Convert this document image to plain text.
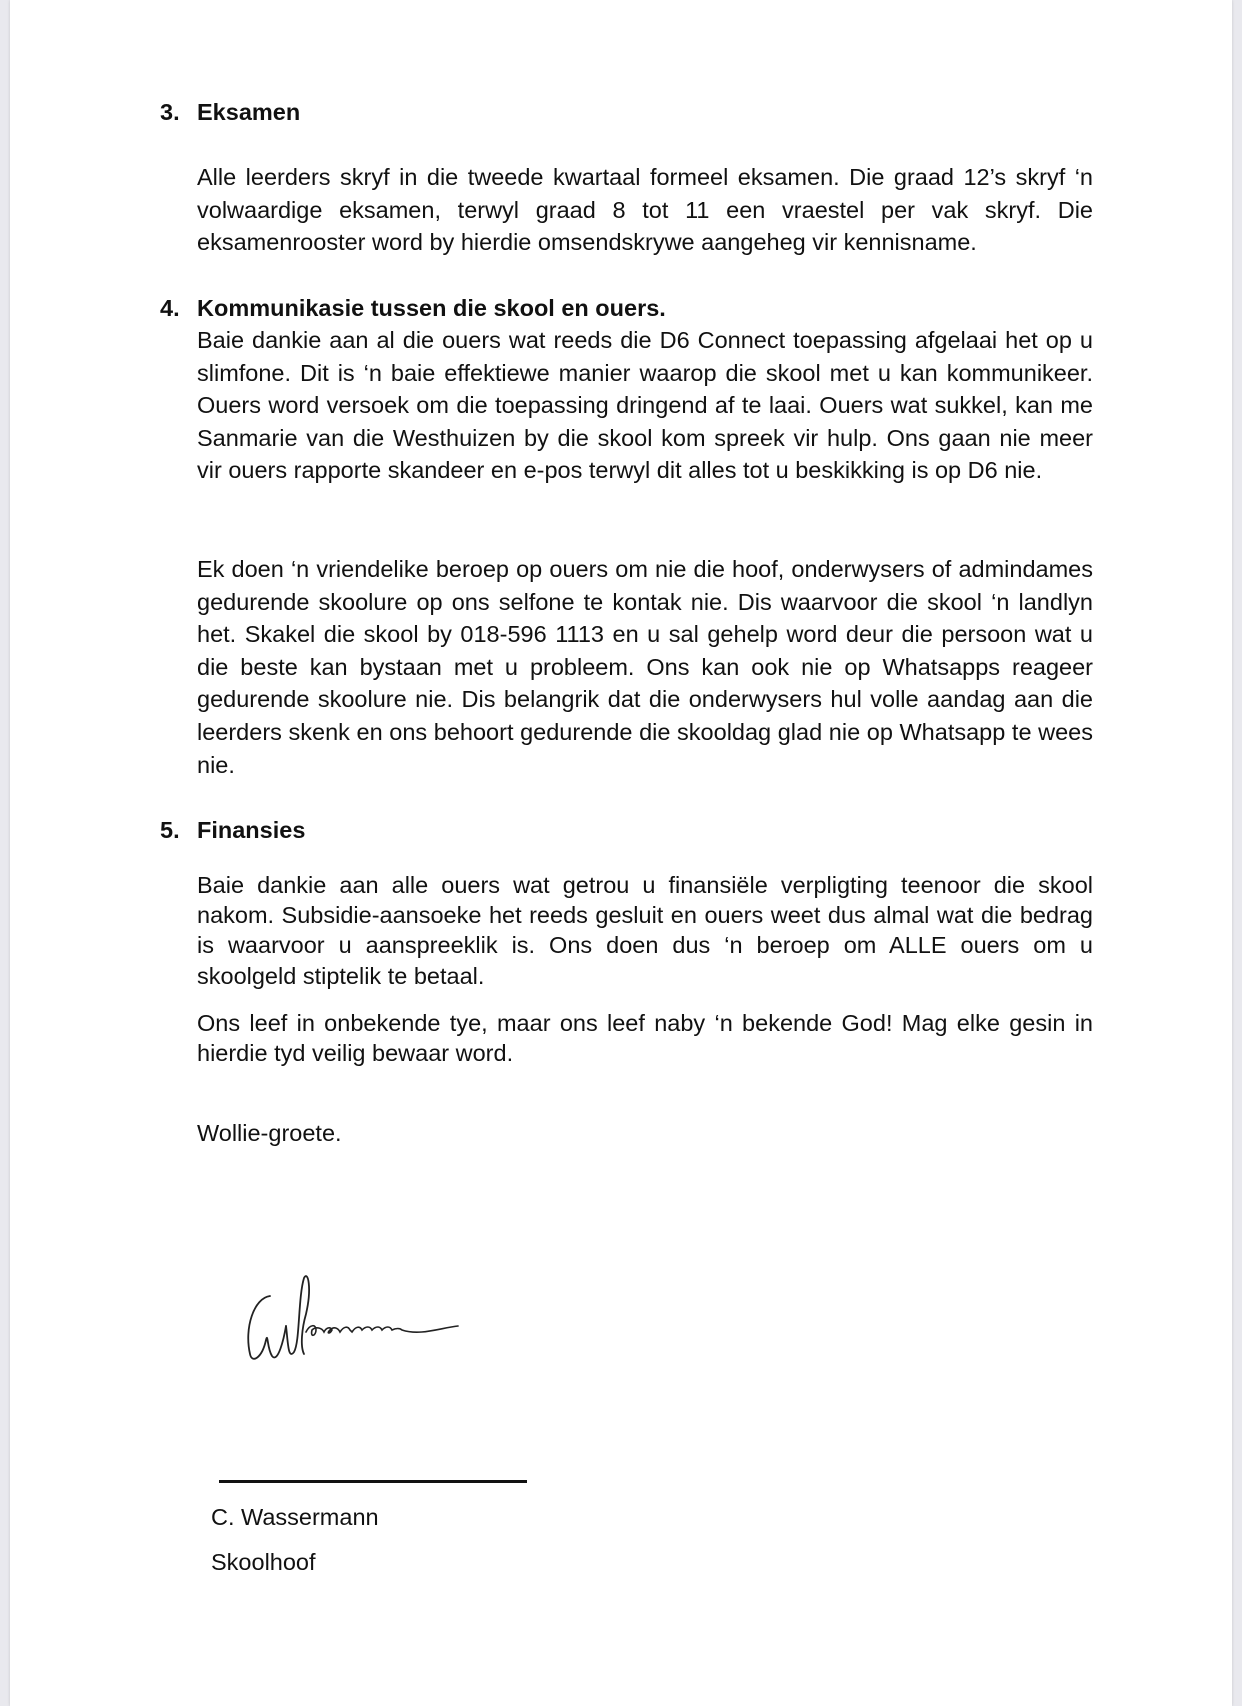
3. Eksamen
Alle leerders skryf in die tweede kwartaal formeel eksamen. Die graad 12’s skryf ‘n volwaardige eksamen, terwyl graad 8 tot 11 een vraestel per vak skryf. Die eksamenrooster word by hierdie omsendskrywe aangeheg vir kennisname.
4. Kommunikasie tussen die skool en ouers.
Baie dankie aan al die ouers wat reeds die D6 Connect toepassing afgelaai het op u slimfone. Dit is ‘n baie effektiewe manier waarop die skool met u kan kommunikeer. Ouers word versoek om die toepassing dringend af te laai. Ouers wat sukkel, kan me Sanmarie van die Westhuizen by die skool kom spreek vir hulp. Ons gaan nie meer vir ouers rapporte skandeer en e-pos terwyl dit alles tot u beskikking is op D6 nie.
Ek doen ‘n vriendelike beroep op ouers om nie die hoof, onderwysers of admindames gedurende skoolure op ons selfone te kontak nie. Dis waarvoor die skool ‘n landlyn het. Skakel die skool by 018-596 1113 en u sal gehelp word deur die persoon wat u die beste kan bystaan met u probleem. Ons kan ook nie op Whatsapps reageer gedurende skoolure nie. Dis belangrik dat die onderwysers hul volle aandag aan die leerders skenk en ons behoort gedurende die skooldag glad nie op Whatsapp te wees nie.
5. Finansies
Baie dankie aan alle ouers wat getrou u finansiële verpligting teenoor die skool nakom. Subsidie-aansoeke het reeds gesluit en ouers weet dus almal wat die bedrag is waarvoor u aanspreeklik is. Ons doen dus ‘n beroep om ALLE ouers om u skoolgeld stiptelik te betaal.
Ons leef in onbekende tye, maar ons leef naby ‘n bekende God! Mag elke gesin in hierdie tyd veilig bewaar word.
Wollie-groete.
C. Wassermann
Skoolhoof
